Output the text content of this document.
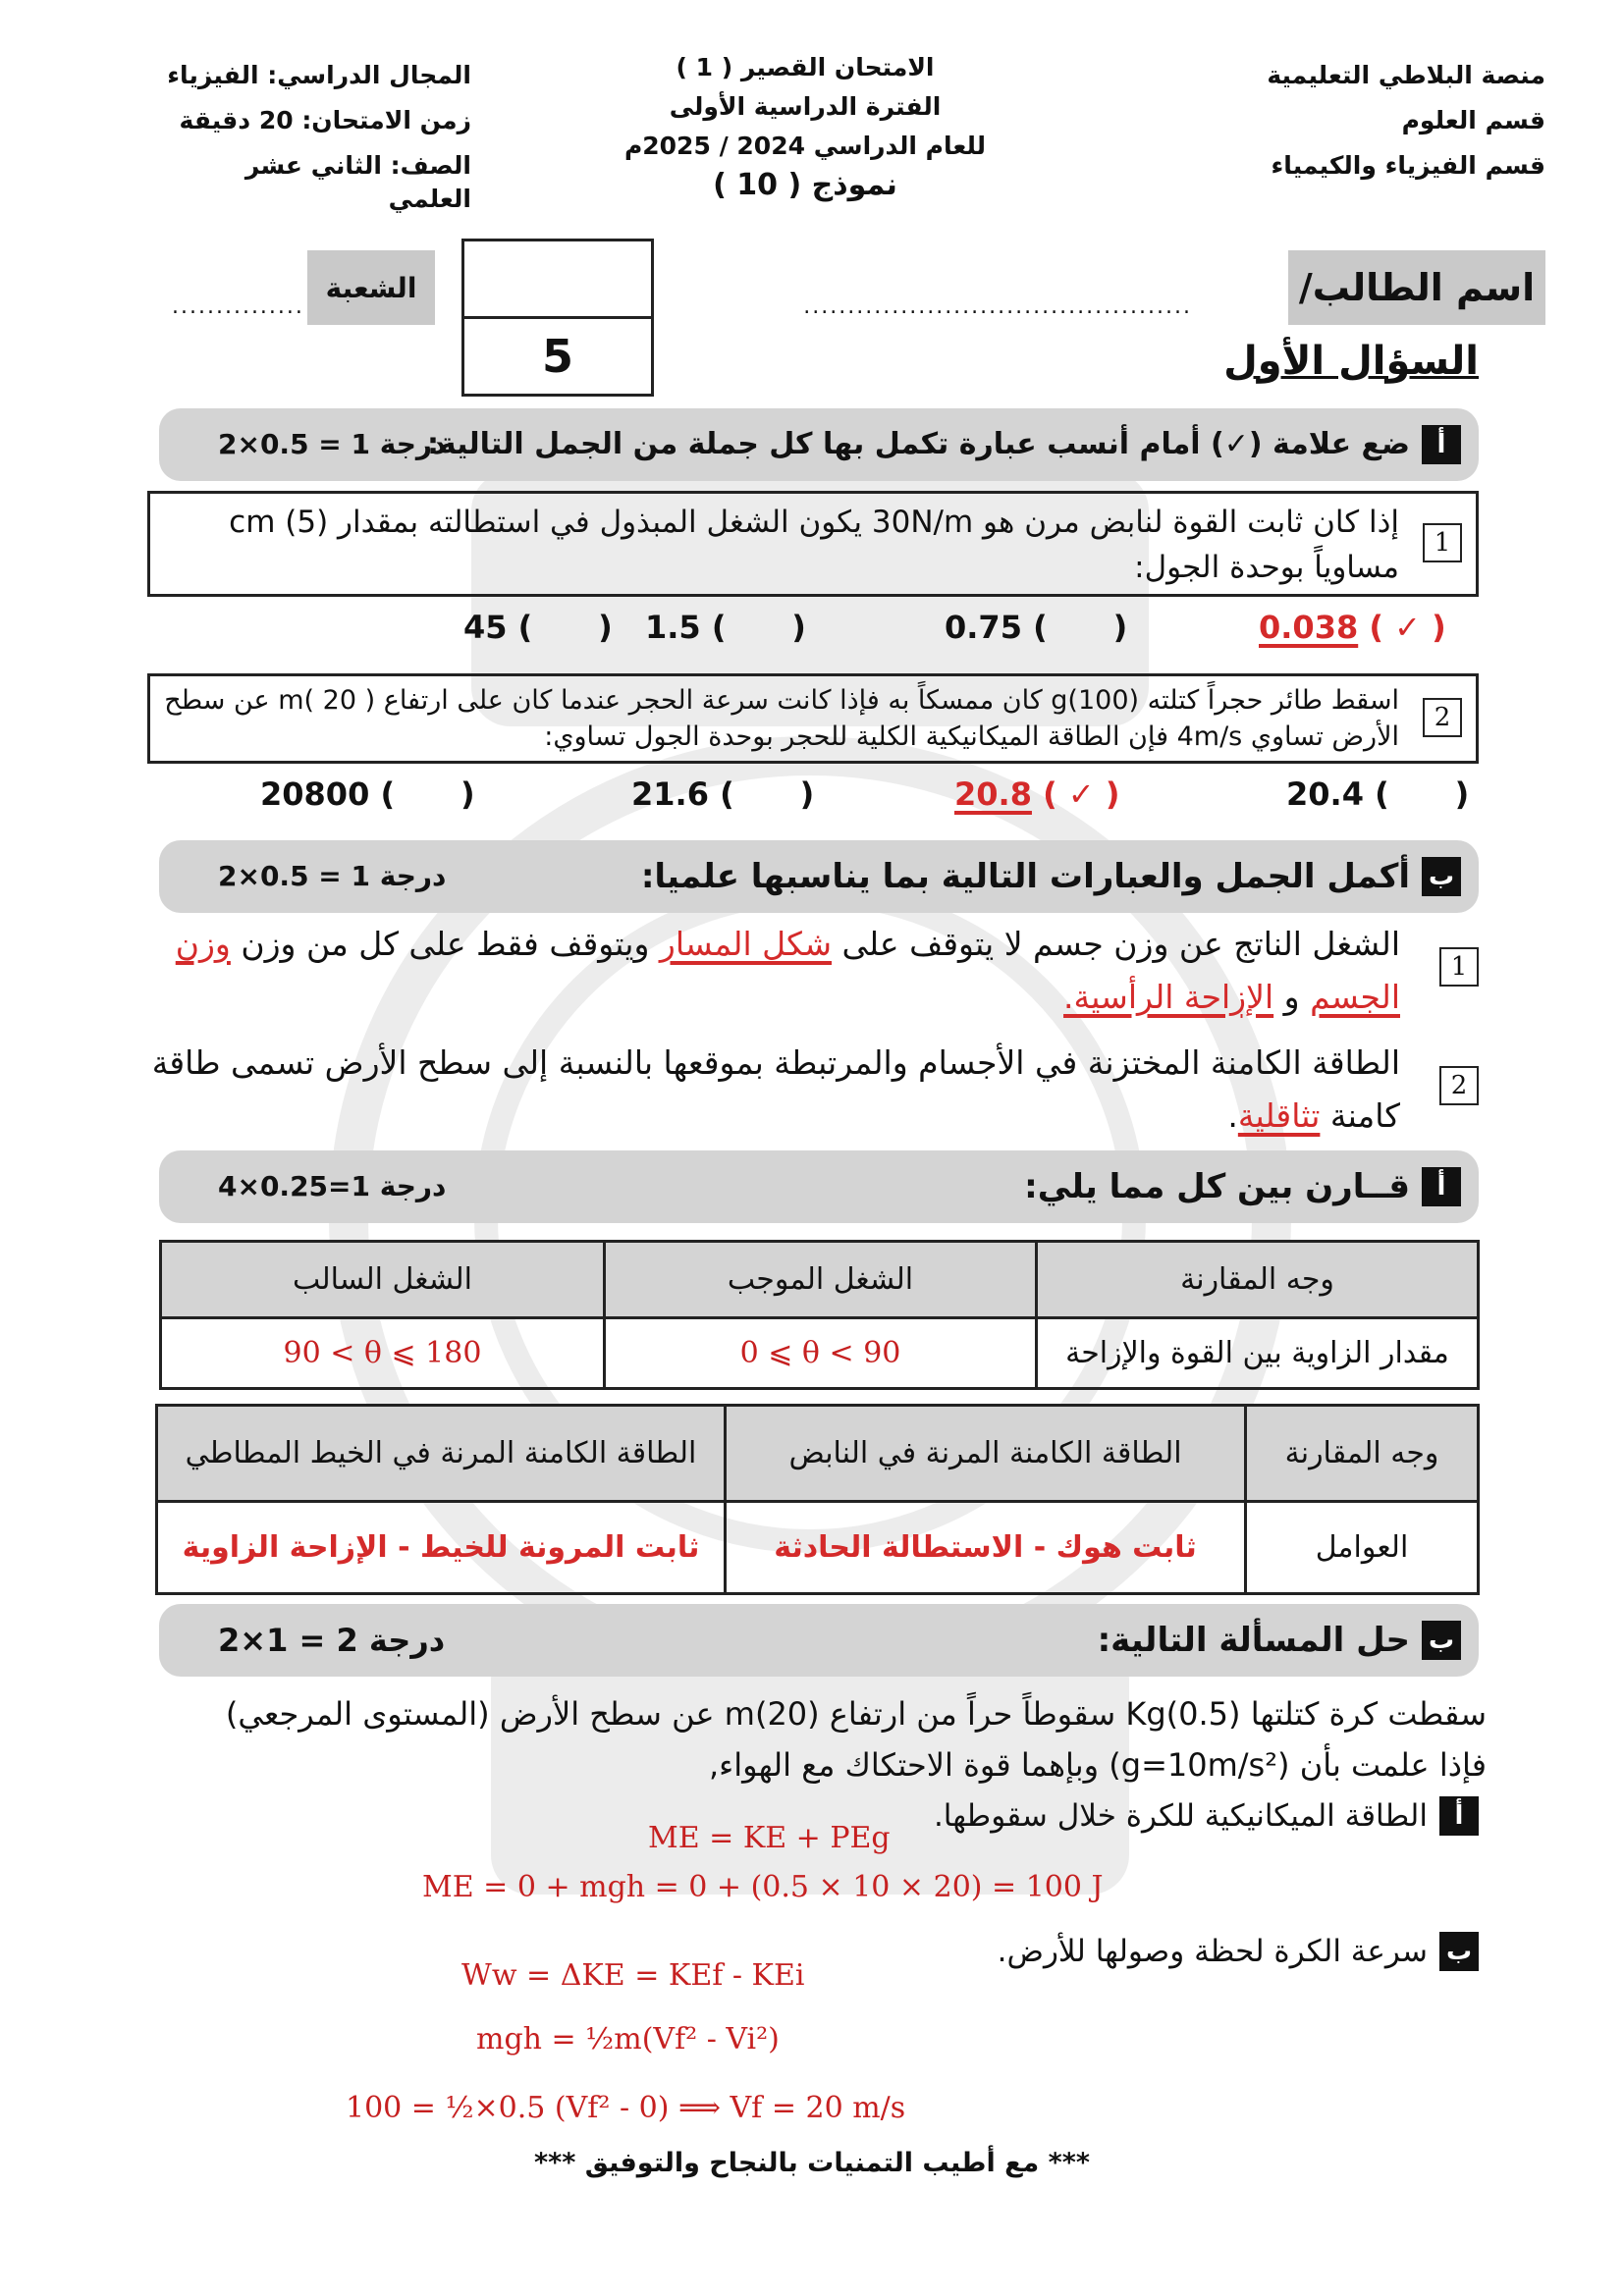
منصة البلاطي التعليمية
قسم العلوم
قسم الفيزياء والكيمياء
الامتحان القصير ( 1 )
الفترة الدراسية الأولى
للعام الدراسي 2024 / 2025م
نموذج ( 10 )
المجال الدراسي: الفيزياء
زمن الامتحان: 20 دقيقة
الصف: الثاني عشر العلمي
اسم الطالب/
............................................
5
الشعبة
...............
السؤال الأول
أ
ضع علامة (✓) أمام أنسب عبارة تكمل بها كل جملة من الجمل التالية:
2×0.5 = 1 درجة
1
إذا كان ثابت القوة لنابض مرن هو 30N/m يكون الشغل المبذول في استطالته بمقدار cm (5) مساوياً بوحدة الجول:
45 (      ) 1.5 (      )	0.75 (      )	0.038 ( ✓ )
2
اسقط طائر حجراً كتلته g(100) كان ممسكاً به فإذا كانت سرعة الحجر عندما كان على ارتفاع m( 20 ) عن سطح الأرض تساوي 4m/s فإن الطاقة الميكانيكية الكلية للحجر بوحدة الجول تساوي:
20800 (      )	21.6 (      )	20.8 ( ✓ )	20.4 (      )
ب
أكمل الجمل والعبارات التالية بما يناسبها علميا:
2×0.5 = 1 درجة
1
الشغل الناتج عن وزن جسم لا يتوقف على شكل المسار ويتوقف فقط على كل من وزن وزن الجسم و الإزاحة الرأسية.
2
الطاقة الكامنة المختزنة في الأجسام والمرتبطة بموقعها بالنسبة إلى سطح الأرض تسمى طاقة كامنة تثاقلية.
أ
قــارن بين كل مما يلي:
4×0.25=1 درجة
وجه المقارنة	الشغل الموجب	الشغل السالب
مقدار الزاوية بين القوة والإزاحة	0 ⩽ θ < 90	90 < θ ⩽ 180
وجه المقارنة	الطاقة الكامنة المرنة في النابض	الطاقة الكامنة المرنة في الخيط المطاطي
العوامل	ثابت هوك - الاستطالة الحادثة	ثابت المرونة للخيط - الإزاحة الزاوية
ب
حل المسألة التالية:
2×1 = 2 درجة
سقطت كرة كتلتها Kg(0.5) سقوطاً حراً من ارتفاع m(20) عن سطح الأرض (المستوى المرجعي)
فإذا علمت بأن (g=10m/s²) وبإهما قوة الاحتكاك مع الهواء,
أ
الطاقة الميكانيكية للكرة خلال سقوطها.
ME = KE + PEg
ME = 0 + mgh = 0 + (0.5 × 10 × 20) = 100 J
ب
سرعة الكرة لحظة وصولها للأرض.
Ww = ΔKE = KEf - KEi
mgh = ½m(Vf² - Vi²)
100 = ½×0.5 (Vf² - 0) ⟹ Vf = 20 m/s
*** مع أطيب التمنيات بالنجاح والتوفيق ***
